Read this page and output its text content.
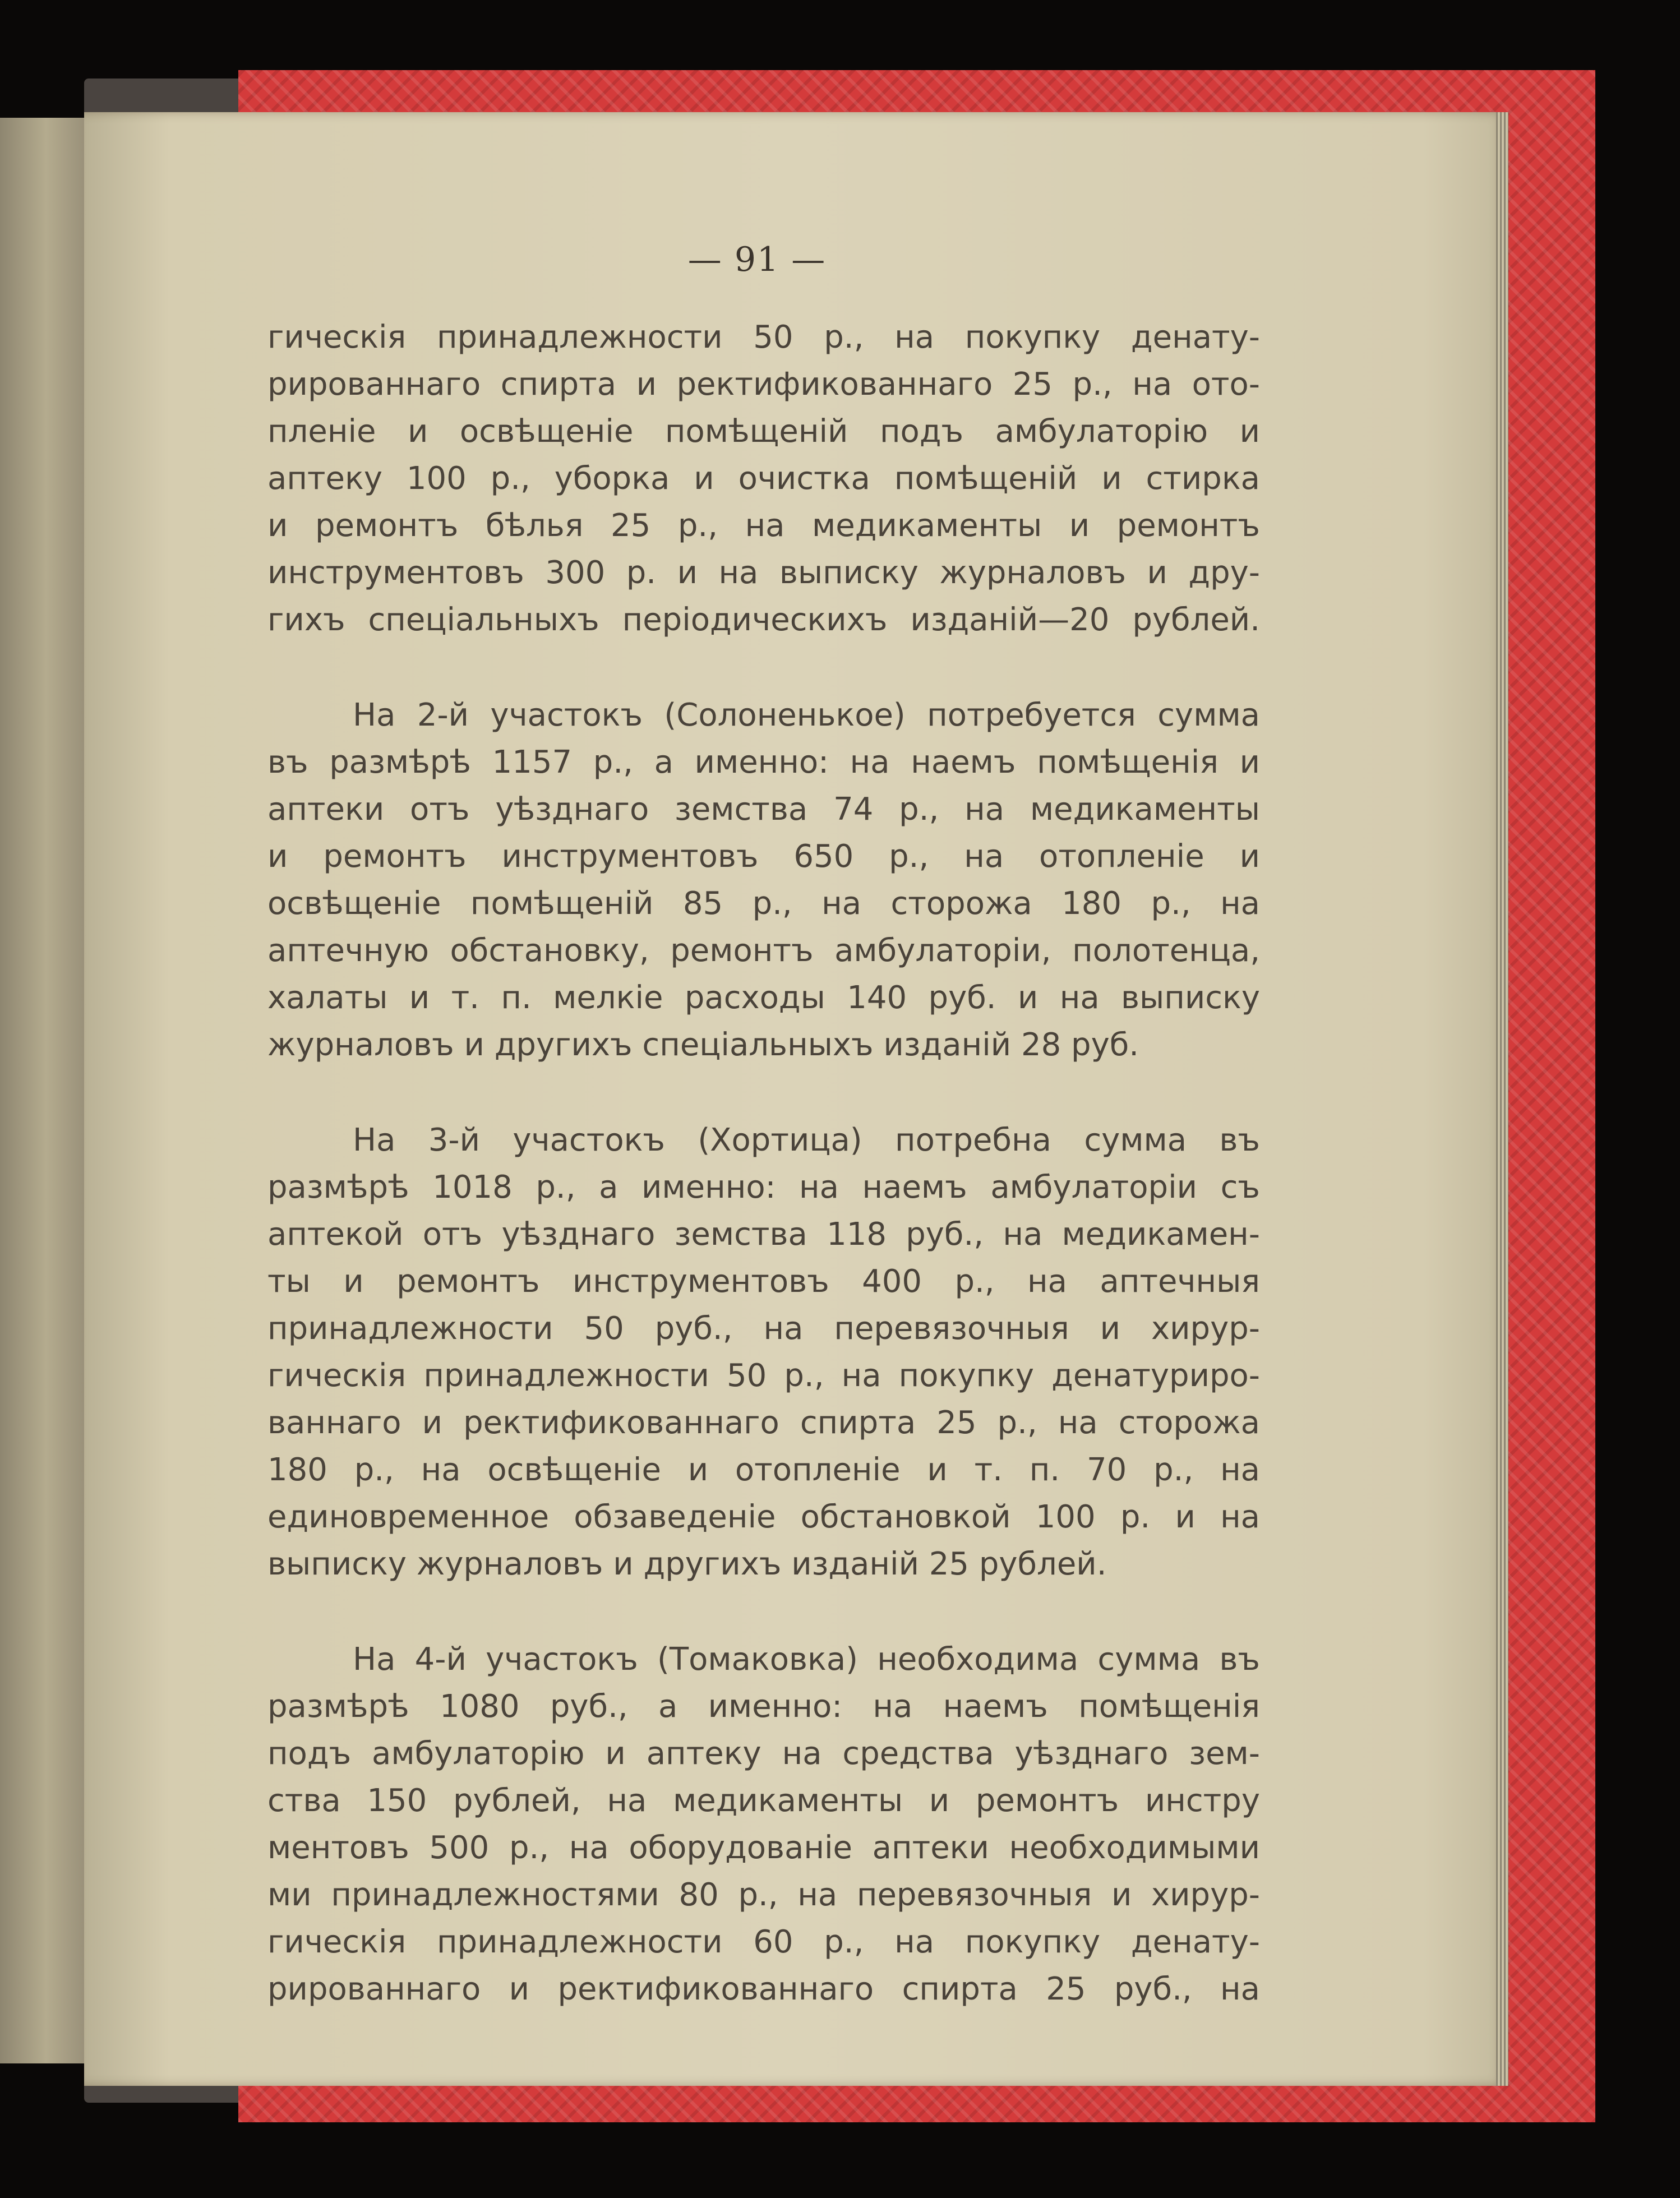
— 91 —
гическія принадлежности 50 р., на покупку денату-
рированнаго спирта и ректификованнаго 25 р., на ото-
пленіе и освѣщеніе помѣщеній подъ амбулаторію и
аптеку 100 р., уборка и очистка помѣщеній и стирка
и ремонтъ бѣлья 25 р., на медикаменты и ремонтъ
инструментовъ 300 р. и на выписку журналовъ и дру-
гихъ спеціальныхъ періодическихъ изданій—20 рублей.
На 2-й участокъ (Солоненькое) потребуется сумма
въ размѣрѣ 1157 р., а именно: на наемъ помѣщенія и
аптеки отъ уѣзднаго земства 74 р., на медикаменты
и ремонтъ инструментовъ 650 р., на отопленіе и
освѣщеніе помѣщеній 85 р., на сторожа 180 р., на
аптечную обстановку, ремонтъ амбулаторіи, полотенца,
халаты и т. п. мелкіе расходы 140 руб. и на выписку
журналовъ и другихъ спеціальныхъ изданій 28 руб.
На 3-й участокъ (Хортица) потребна сумма въ
размѣрѣ 1018 р., а именно: на наемъ амбулаторіи съ
аптекой отъ уѣзднаго земства 118 руб., на медикамен-
ты и ремонтъ инструментовъ 400 р., на аптечныя
принадлежности 50 руб., на перевязочныя и хирур-
гическія принадлежности 50 р., на покупку денатуриро-
ваннаго и ректификованнаго спирта 25 р., на сторожа
180 р., на освѣщеніе и отопленіе и т. п. 70 р., на
единовременное обзаведеніе обстановкой 100 р. и на
выписку журналовъ и другихъ изданій 25 рублей.
На 4-й участокъ (Томаковка) необходима сумма въ
размѣрѣ 1080 руб., а именно: на наемъ помѣщенія
подъ амбулаторію и аптеку на средства уѣзднаго зем-
ства 150 рублей, на медикаменты и ремонтъ инстру
ментовъ 500 р., на оборудованіе аптеки необходимыми
ми принадлежностями 80 р., на перевязочныя и хирур-
гическія принадлежности 60 р., на покупку денату-
рированнаго и ректификованнаго спирта 25 руб., на
